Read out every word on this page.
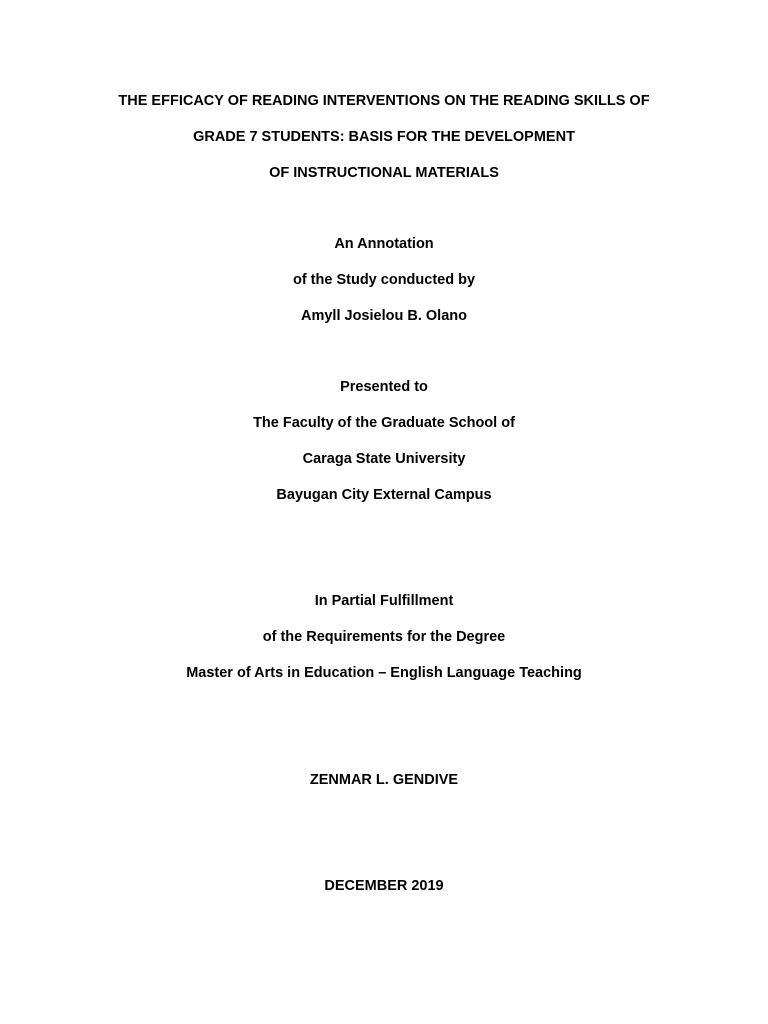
THE EFFICACY OF READING INTERVENTIONS ON THE READING SKILLS OF
GRADE 7 STUDENTS: BASIS FOR THE DEVELOPMENT
OF INSTRUCTIONAL MATERIALS
An Annotation
of the Study conducted by
Amyll Josielou B. Olano
Presented to
The Faculty of the Graduate School of
Caraga State University
Bayugan City External Campus
In Partial Fulfillment
of the Requirements for the Degree
Master of Arts in Education – English Language Teaching
ZENMAR L. GENDIVE
DECEMBER 2019
